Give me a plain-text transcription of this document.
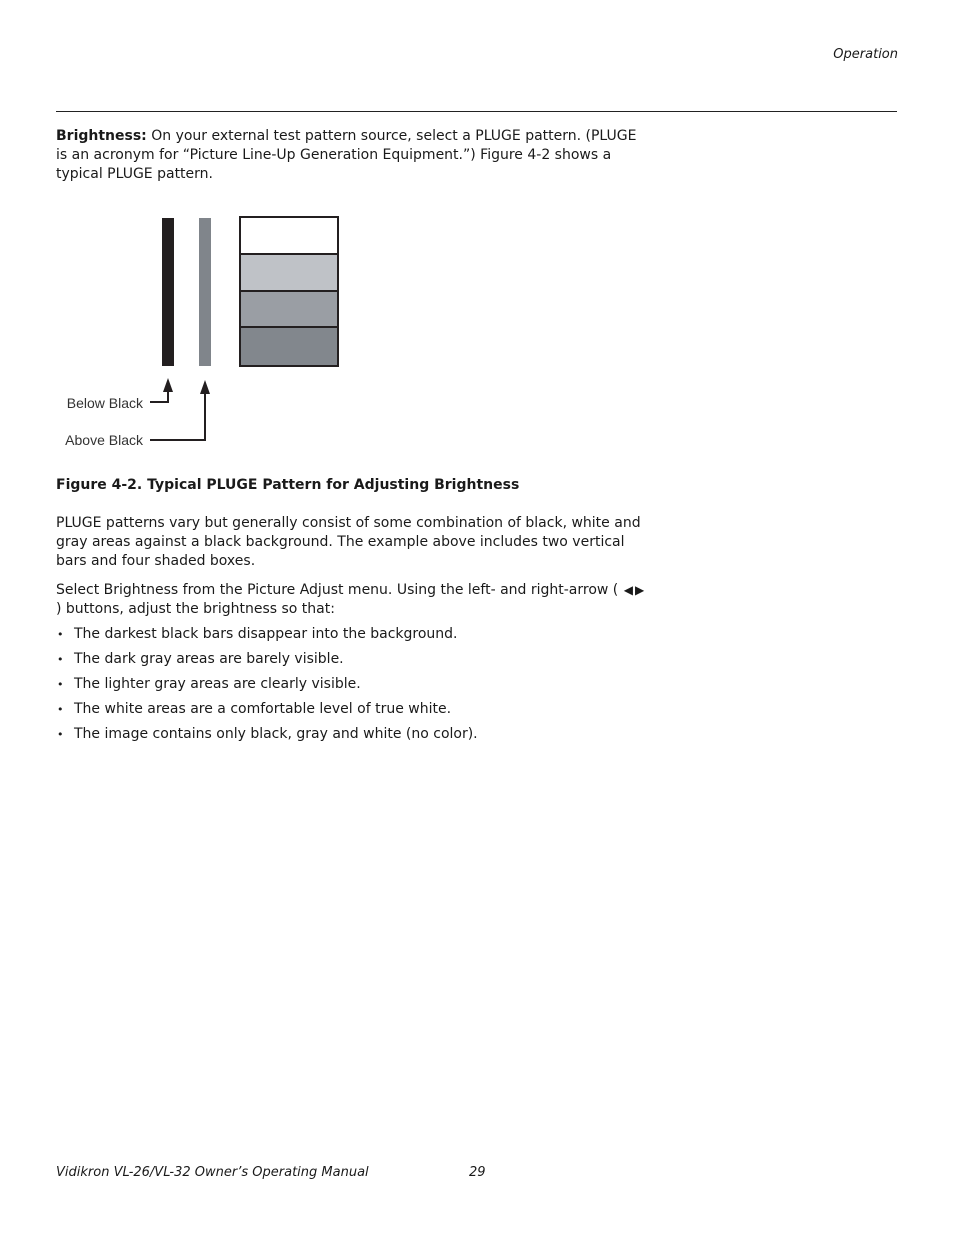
Operation

Brightness: On your external test pattern source, select a PLUGE pattern. (PLUGE is an acronym for “Picture Line-Up Generation Equipment.”) Figure 4-2 shows a typical PLUGE pattern.

Below Black
Above Black

Figure 4-2. Typical PLUGE Pattern for Adjusting Brightness

PLUGE patterns vary but generally consist of some combination of black, white and gray areas against a black background. The example above includes two vertical bars and four shaded boxes.

Select Brightness from the Picture Adjust menu. Using the left- and right-arrow ( ◀ ▶ ) buttons, adjust the brightness so that:

• The darkest black bars disappear into the background.
• The dark gray areas are barely visible.
• The lighter gray areas are clearly visible.
• The white areas are a comfortable level of true white.
• The image contains only black, gray and white (no color).
Vidikron VL-26/VL-32 Owner’s Operating Manual	29
